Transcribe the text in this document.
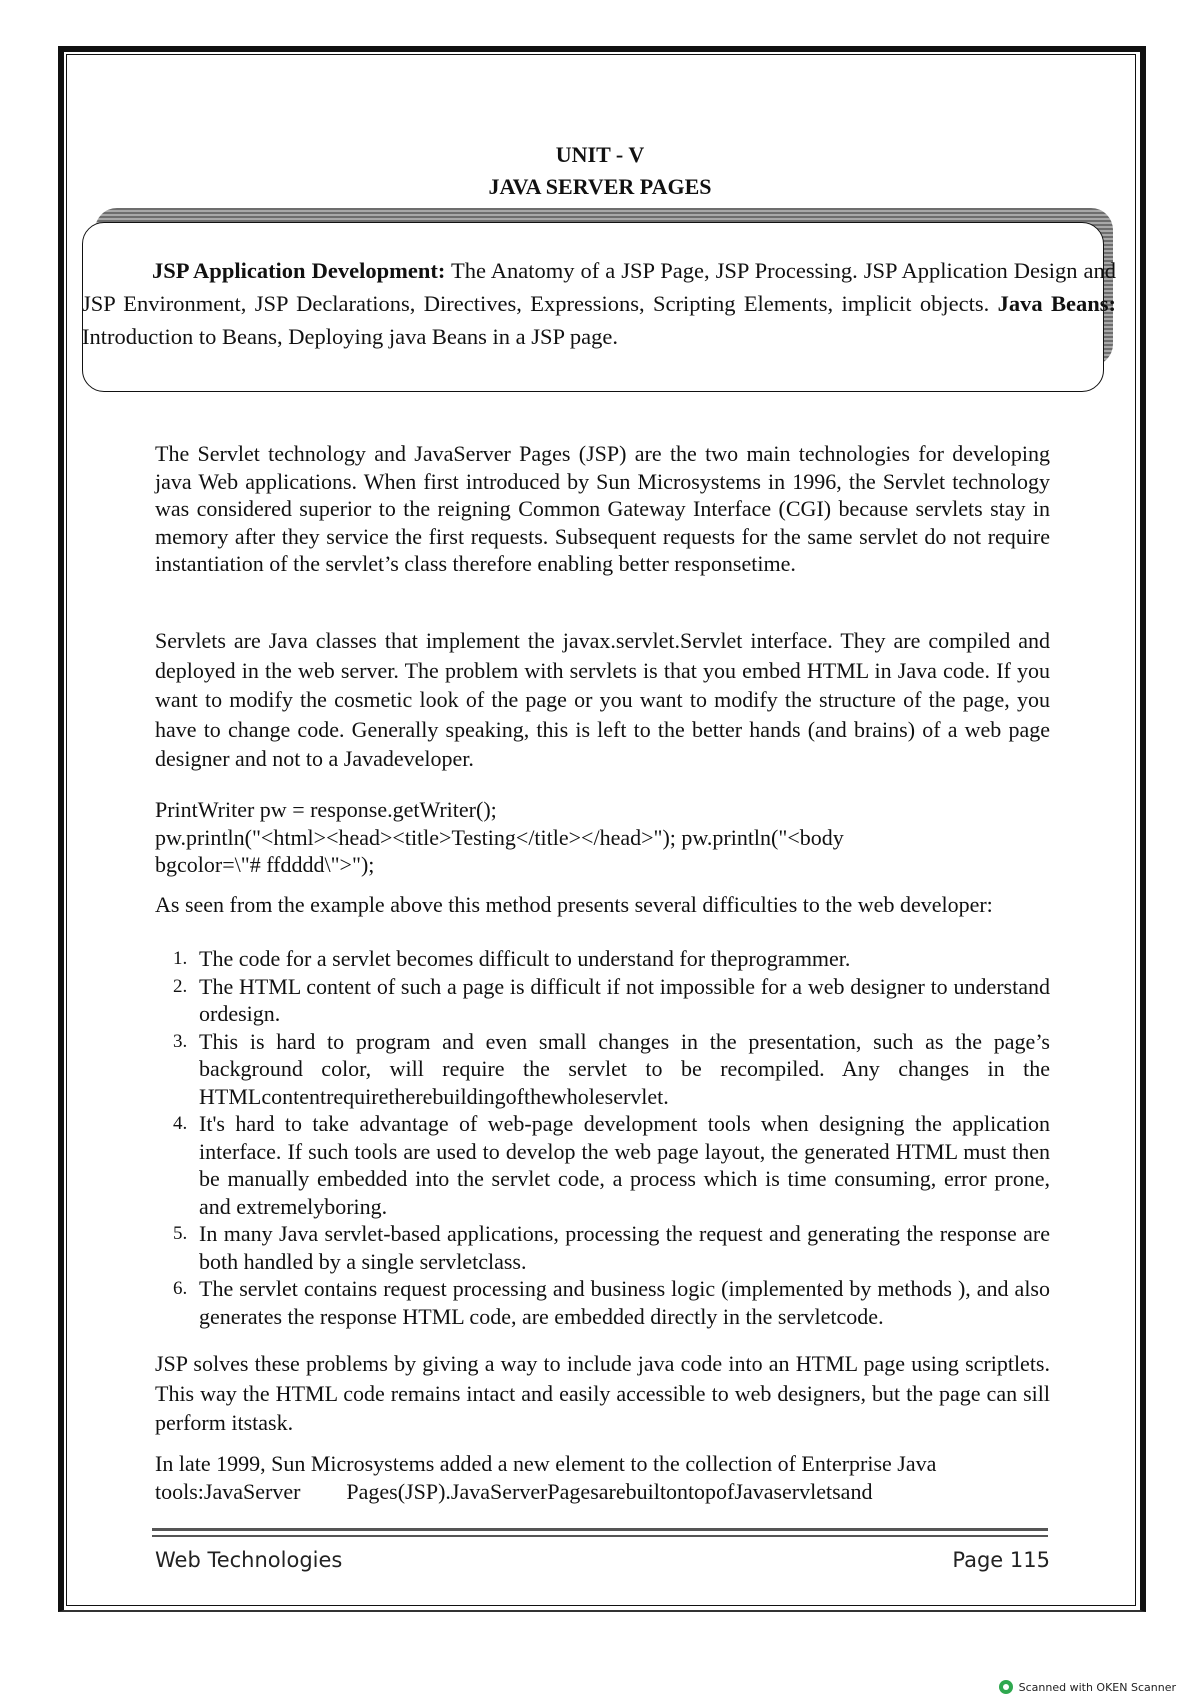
UNIT - V
JAVA SERVER PAGES
JSP Application Development: The Anatomy of a JSP Page, JSP Processing. JSP Application Design and JSP Environment, JSP Declarations, Directives, Expressions, Scripting Elements, implicit objects. Java Beans: Introduction to Beans, Deploying java Beans in a JSP page.
The Servlet technology and JavaServer Pages (JSP) are the two main technologies for developing java Web applications. When first introduced by Sun Microsystems in 1996, the Servlet technology was considered superior to the reigning Common Gateway Interface (CGI) because servlets stay in memory after they service the first requests. Subsequent requests for the same servlet do not require instantiation of the servlet’s class therefore enabling better responsetime.
Servlets are Java classes that implement the javax.servlet.Servlet interface. They are compiled and deployed in the web server. The problem with servlets is that you embed HTML in Java code. If you want to modify the cosmetic look of the page or you want to modify the structure of the page, you have to change code. Generally speaking, this is left to the better hands (and brains) of a web page designer and not to a Javadeveloper.
PrintWriter pw = response.getWriter();
pw.println("<html><head><title>Testing</title></head>"); pw.println("<body
bgcolor=\"# ffdddd\">");
As seen from the example above this method presents several difficulties to the web developer:
1. The code for a servlet becomes difficult to understand for theprogrammer.
2. The HTML content of such a page is difficult if not impossible for a web designer to understand ordesign.
3. This is hard to program and even small changes in the presentation, such as the page’s background color, will require the servlet to be recompiled. Any changes in the HTMLcontentrequiretherebuildingofthewholeservlet.
4. It's hard to take advantage of web-page development tools when designing the application interface. If such tools are used to develop the web page layout, the generated HTML must then be manually embedded into the servlet code, a process which is time consuming, error prone, and extremelyboring.
5. In many Java servlet-based applications, processing the request and generating the response are both handled by a single servletclass.
6. The servlet contains request processing and business logic (implemented by methods ), and also generates the response HTML code, are embedded directly in the servletcode.
JSP solves these problems by giving a way to include java code into an HTML page using scriptlets. This way the HTML code remains intact and easily accessible to web designers, but the page can sill perform itstask.
In late 1999, Sun Microsystems added a new element to the collection of Enterprise Java
tools:JavaServer Pages(JSP).JavaServerPagesarebuiltontopofJavaservletsand
Web Technologies	Page 115
Scanned with OKEN Scanner
